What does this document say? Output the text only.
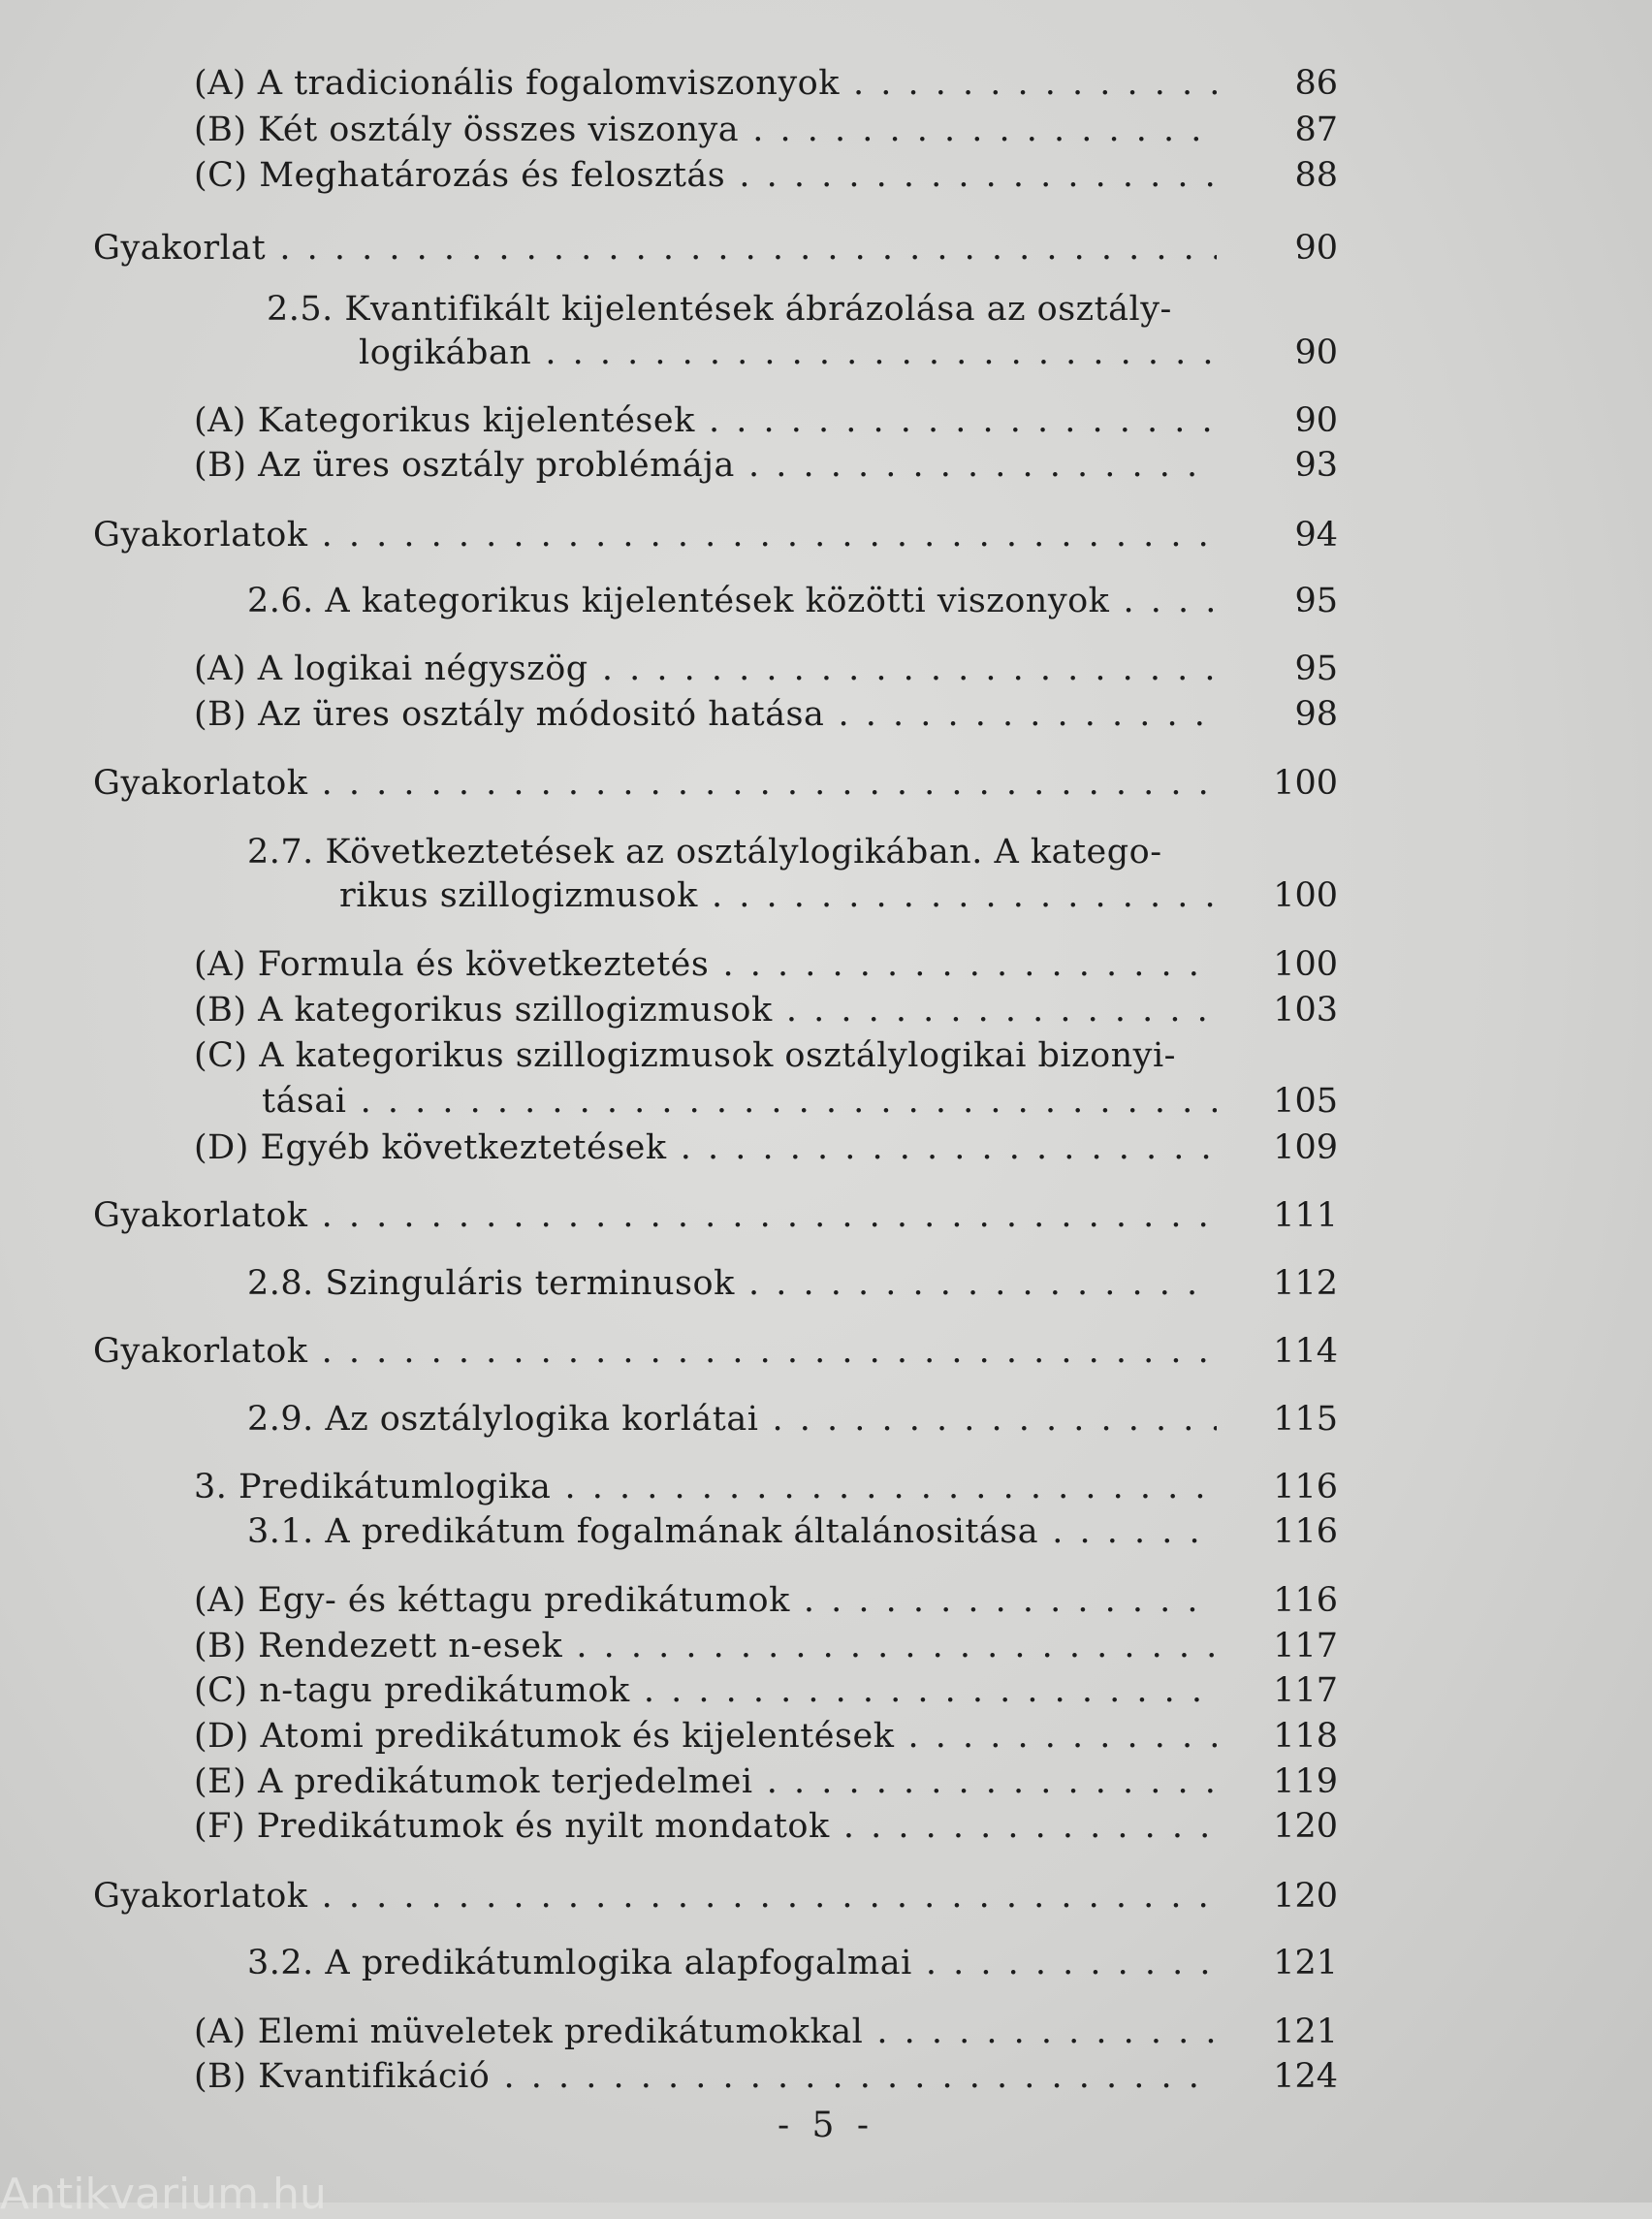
(A) A tradicionális fogalomviszonyok . . .	86
(B) Két osztály összes viszonya . . .	87
(C) Meghatározás és felosztás . . .	88
Gyakorlat . . .	90
2.5. Kvantifikált kijelentések ábrázolása az osztály-
logikában . . .	90
(A) Kategorikus kijelentések . . .	90
(B) Az üres osztály problémája . . .	93
Gyakorlatok . . .	94
2.6. A kategorikus kijelentések közötti viszonyok . . .	95
(A) A logikai négyszög . . .	95
(B) Az üres osztály módositó hatása . . .	98
Gyakorlatok . . .	100
2.7. Következtetések az osztálylogikában. A katego-
rikus szillogizmusok . . .	100
(A) Formula és következtetés . . .	100
(B) A kategorikus szillogizmusok . . .	103
(C) A kategorikus szillogizmusok osztálylogikai bizonyi-
tásai . . .	105
(D) Egyéb következtetések . . .	109
Gyakorlatok . . .	111
2.8. Szinguláris terminusok . . .	112
Gyakorlatok . . .	114
2.9. Az osztálylogika korlátai . . .	115
3. Predikátumlogika . . .	116
3.1. A predikátum fogalmának általánositása . . .	116
(A) Egy- és kéttagu predikátumok . . .	116
(B) Rendezett n-esek . . .	117
(C) n-tagu predikátumok . . .	117
(D) Atomi predikátumok és kijelentések . . .	118
(E) A predikátumok terjedelmei . . .	119
(F) Predikátumok és nyilt mondatok . . .	120
Gyakorlatok . . .	120
3.2. A predikátumlogika alapfogalmai . . .	121
(A) Elemi müveletek predikátumokkal . . .	121
(B) Kvantifikáció . . .	124
- 5 -
Antikvarium.hu
